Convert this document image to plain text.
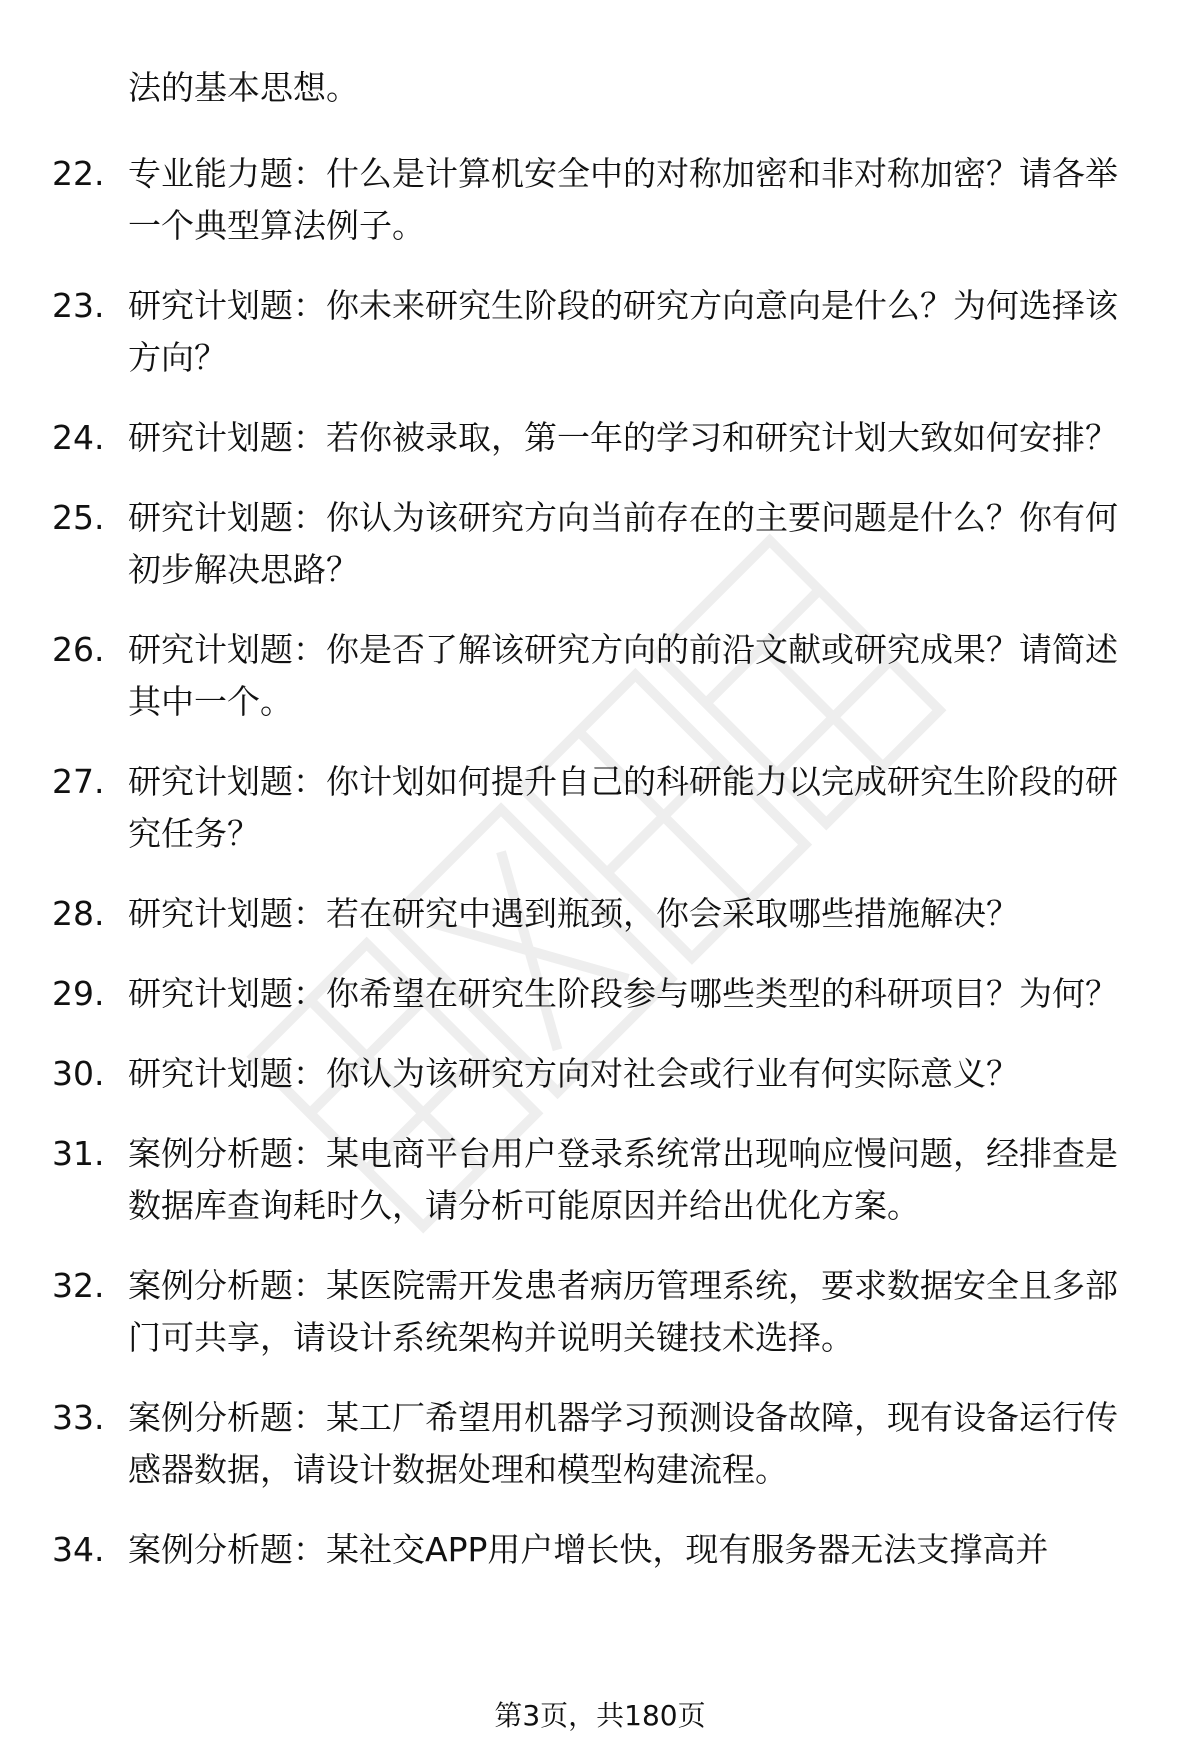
法的基本思想。
22. 专业能力题：什么是计算机安全中的对称加密和非对称加密？请各举一个典型算法例子。
23. 研究计划题：你未来研究生阶段的研究方向意向是什么？为何选择该方向？
24. 研究计划题：若你被录取，第一年的学习和研究计划大致如何安排？
25. 研究计划题：你认为该研究方向当前存在的主要问题是什么？你有何初步解决思路？
26. 研究计划题：你是否了解该研究方向的前沿文献或研究成果？请简述其中一个。
27. 研究计划题：你计划如何提升自己的科研能力以完成研究生阶段的研究任务？
28. 研究计划题：若在研究中遇到瓶颈，你会采取哪些措施解决？
29. 研究计划题：你希望在研究生阶段参与哪些类型的科研项目？为何？
30. 研究计划题：你认为该研究方向对社会或行业有何实际意义？
31. 案例分析题：某电商平台用户登录系统常出现响应慢问题，经排查是数据库查询耗时久，请分析可能原因并给出优化方案。
32. 案例分析题：某医院需开发患者病历管理系统，要求数据安全且多部门可共享，请设计系统架构并说明关键技术选择。
33. 案例分析题：某工厂希望用机器学习预测设备故障，现有设备运行传感器数据，请设计数据处理和模型构建流程。
34. 案例分析题：某社交APP用户增长快，现有服务器无法支撑高并
第3页，共180页
